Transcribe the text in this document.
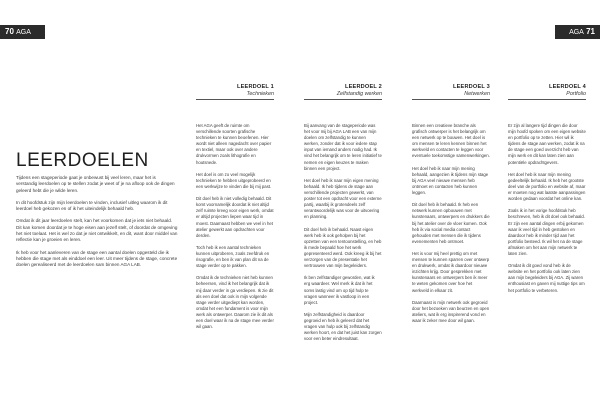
70 AGA	AGA 71
LEERDOELEN

Tijdens een stageperiode gaat je onbewust bij veel leren, maar het is verstandig leerdoelen op te stellen zodat je weet of je na afloop ook de dingen geleerd hebt die je wilde leren.

In dit hoofdstuk zijn mijn leerdoelen te vinden, inclusief uitleg waarom ik dit leerdoel heb gekozen en of ik het uiteindelijk behaald heb.

Omdat ik dit jaar leerdoelen stelt, kan het voorkomen dat je iets niet behaald. Dit kan komen doordat je te hoge eisen aan jezelf stelt, of doordat de omgeving het niet toelaat. Het is wel zo dat je niet ontwikkelt, en dit, want door middel van reflectie kan je groeien en leren.

Ik heb voor het aanleveren van de stage een aantal doelen opgesteld die ik hebben die stage met als einddoel een leer. Uit meer tijdens de stage, concrete doelen gerealiseerd met de leerdoelen sam binnen AGA LAB.

LEERDOEL 1
Technieken
LEERDOEL 2
Zelfstandig werken
LEERDOEL 3
Netwerken
LEERDOEL 4
Portfolio

Het AGA geeft de ruimte om verschillende soorten grafische technieken te kunnen beoefenen. Hier wordt niet alleen nagedacht over papier en textiel, maar ook over andere drukvormen zoals lithografie en houtsnede.

Het doel is om zo veel mogelijk technieken te hebben uitgeprobeerd en een werkwijze te vinden die bij mij past.

Dit doel heb ik niet volledig behaald. Dit komt voornamelijk doordat ik niet altijd zelf ruimte kreeg voor eigen werk, omdat er altijd projecten liepen waar tijd in moest. Daarnaast hebben we veel in het atelier gewerkt aan opdrachten voor derden.

Toch heb ik een aantal technieken kunnen uitproberen, zoals zeefdruk en risografie, en ben ik van plan dit na de stage verder op te pakken.

Omdat ik de technieken niet heb kunnen beheersen, vind ik het belangrijk dat ik mij daar verder in ga verdiepen. Ik zie dit als een doel dat ook in mijn volgende stage verder uitgediept kan worden, omdat het een fundament is voor mijn werk als ontwerper. Daarom zie ik dit als een doel waar ik na de stage mee verder wil gaan.

Bij aanvang van de stageperiode was het voor mij bij AGA LAB een van mijn doelen om zelfstandig te kunnen werken, zonder dat ik voor iedere stap input van iemand anders nodig had. Ik vind het belangrijk om te leren initiatief te nemen en eigen keuzes te maken binnen een project.

Het doel heb ik naar mijn eigen mening behaald. Ik heb tijdens de stage aan verschillende projecten gewerkt, van poster tot een opdracht voor een externe partij, waarbij ik grotendeels zelf verantwoordelijk was voor de uitvoering en planning.

Dit doel heb ik behaald. Naast eigen werk heb ik ook geholpen bij het opzetten van een tentoonstelling, en heb ik mede bepaald hoe het werk gepresenteerd werd. Ook kreeg ik bij het verzorgen van de presentatie het vertrouwen van mijn begeleiders.

Ik ben zelfstandiger geworden, wat ik erg waardeer. Wel merk ik dat ik het soms lastig vind om op tijd hulp te vragen wanneer ik vastloop in een project.

Mijn zelfstandigheid is daardoor gegroeid en heb ik geleerd dat het vragen van hulp ook bij zelfstandig werken hoort, en dat het juist kan zorgen voor een beter eindresultaat.

Binnen een creatieve branche als grafisch ontwerper is het belangrijk om een netwerk op te bouwen. Het doel is om mensen te leren kennen binnen het werkveld en contacten te leggen voor eventuele toekomstige samenwerkingen.

Het doel heb ik naar mijn mening behaald, aangezien ik tijdens mijn stage bij AGA veel nieuwe mensen heb ontmoet en contacten heb kunnen leggen.

Dit doel heb ik behaald. Ik heb een netwerk kunnen opbouwen met kunstenaars, ontwerpers en drukkers die bij het atelier over de vloer komen. Ook heb ik via social media contact gehouden met mensen die ik tijdens evenementen heb ontmoet.

Het is voor mij heel prettig om met mensen te kunnen sparren over ontwerp en drukwerk, omdat ik daardoor nieuwe inzichten krijg. Door gesprekken met kunstenaars en ontwerpers ben ik meer te weten gekomen over hoe het werkveld in elkaar zit.

Daarnaast is mijn netwerk ook gegroeid door het bezoeken van beurzen en open ateliers, wat ik erg inspirerend vond en waar ik zeker mee door wil gaan.

Er zijn al langere tijd dingen die door mijn hoofd spoken om een eigen website en portfolio op te zetten. Hier wil ik tijdens de stage aan werken, zodat ik na de stage een goed overzicht heb van mijn werk en dit kan laten zien aan potentiële opdrachtgevers.

Het doel heb ik naar mijn mening gedeeltelijk behaald. Ik heb het grootste deel van de portfolio en website af, maar er moeten nog wat laatste aanpassingen worden gedaan voordat het online kan.

Zoals ik in het vorige hoofdstuk heb beschreven, heb ik dit doel ook behaald. Er zijn een aantal dingen erbij gekomen waar ik veel tijd in heb gestoken en daardoor heb ik minder tijd aan het portfolio besteed. Ik wil het na de stage afmaken om het aan mijn netwerk te laten zien.

Omdat ik dit goed vond heb ik de website en het portfolio ook laten zien aan mijn begeleiders bij AGA. Zij waren enthousiast en gaven mij nuttige tips om het portfolio te verbeteren.
